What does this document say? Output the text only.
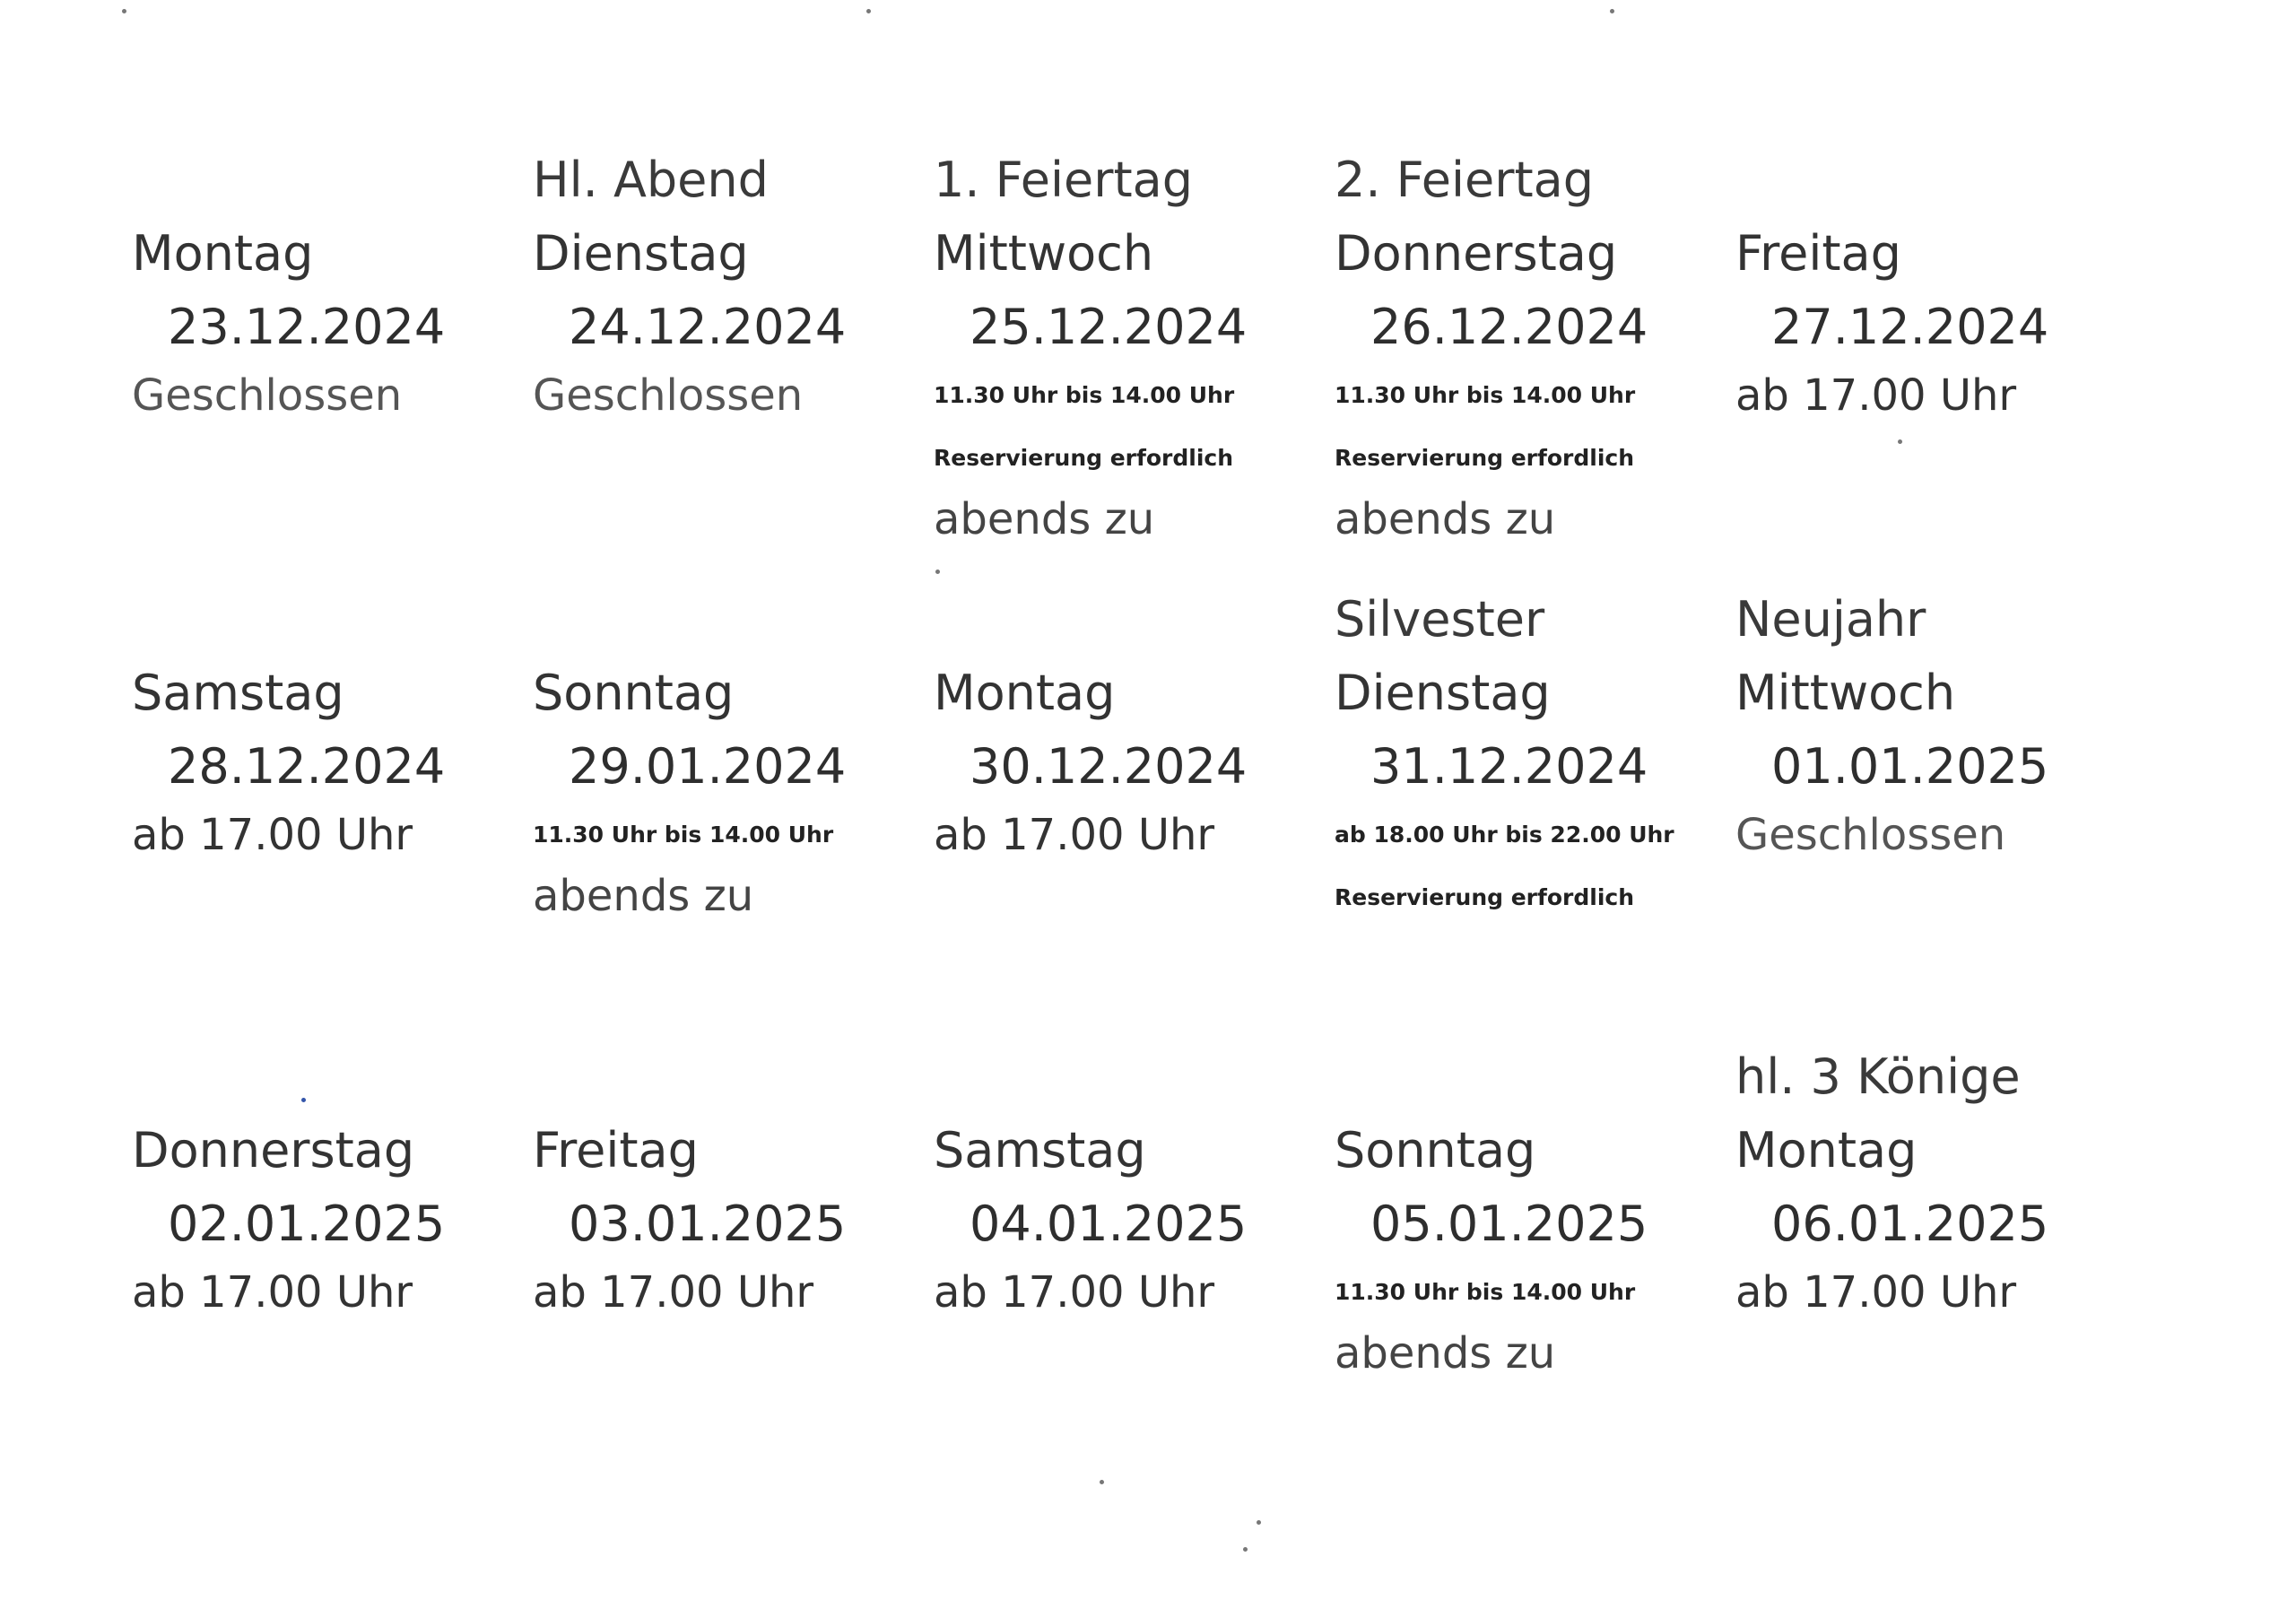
Montag
23.12.2024
Geschlossen
Hl. Abend
Dienstag
24.12.2024
Geschlossen
1. Feiertag
Mittwoch
25.12.2024
11.30 Uhr bis 14.00 Uhr
Reservierung erfordlich
abends zu
2. Feiertag
Donnerstag
26.12.2024
11.30 Uhr bis 14.00 Uhr
Reservierung erfordlich
abends zu
Freitag
27.12.2024
ab 17.00 Uhr
Samstag
28.12.2024
ab 17.00 Uhr
Sonntag
29.01.2024
11.30 Uhr bis 14.00 Uhr
abends zu
Montag
30.12.2024
ab 17.00 Uhr
Silvester
Dienstag
31.12.2024
ab 18.00 Uhr bis 22.00 Uhr
Reservierung erfordlich
Neujahr
Mittwoch
01.01.2025
Geschlossen
Donnerstag
02.01.2025
ab 17.00 Uhr
Freitag
03.01.2025
ab 17.00 Uhr
Samstag
04.01.2025
ab 17.00 Uhr
Sonntag
05.01.2025
11.30 Uhr bis 14.00 Uhr
abends zu
hl. 3 Könige
Montag
06.01.2025
ab 17.00 Uhr
